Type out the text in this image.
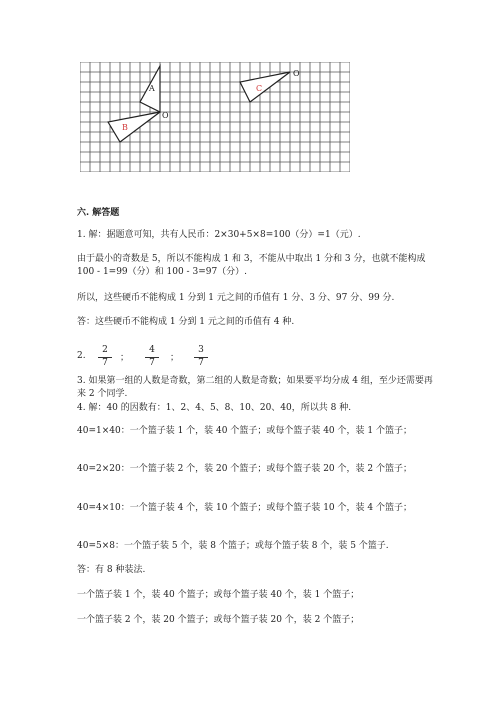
A
B
O
C
O
六. 解答题

1. 解：据题意可知，共有人民币：2×30+5×8=100（分）=1（元）.

由于最小的奇数是 5，所以不能构成 1 和 3，不能从中取出 1 分和 3 分，也就不能构成 100 - 1=99（分）和 100 - 3=97（分）.

所以，这些硬币不能构成 1 分到 1 元之间的币值有 1 分、3 分、97 分、99 分.

答：这些硬币不能构成 1 分到 1 元之间的币值有 4 种.

2.	$\frac{2}{7}$ ； $\frac{4}{7}$ ； $\frac{3}{7}$

3. 如果第一组的人数是奇数，第二组的人数是奇数；如果要平均分成 4 组，至少还需要再来 2 个同学.

4. 解：40 的因数有：1、2、4、5、8、10、20、40，所以共 8 种.

40=1×40：一个篮子装 1 个，装 40 个篮子；或每个篮子装 40 个，装 1 个篮子；

40=2×20：一个篮子装 2 个，装 20 个篮子；或每个篮子装 20 个，装 2 个篮子；

40=4×10：一个篮子装 4 个，装 10 个篮子；或每个篮子装 10 个，装 4 个篮子；

40=5×8：一个篮子装 5 个，装 8 个篮子；或每个篮子装 8 个，装 5 个篮子.

答：有 8 种装法.

一个篮子装 1 个，装 40 个篮子；或每个篮子装 40 个，装 1 个篮子；

一个篮子装 2 个，装 20 个篮子；或每个篮子装 20 个，装 2 个篮子；
